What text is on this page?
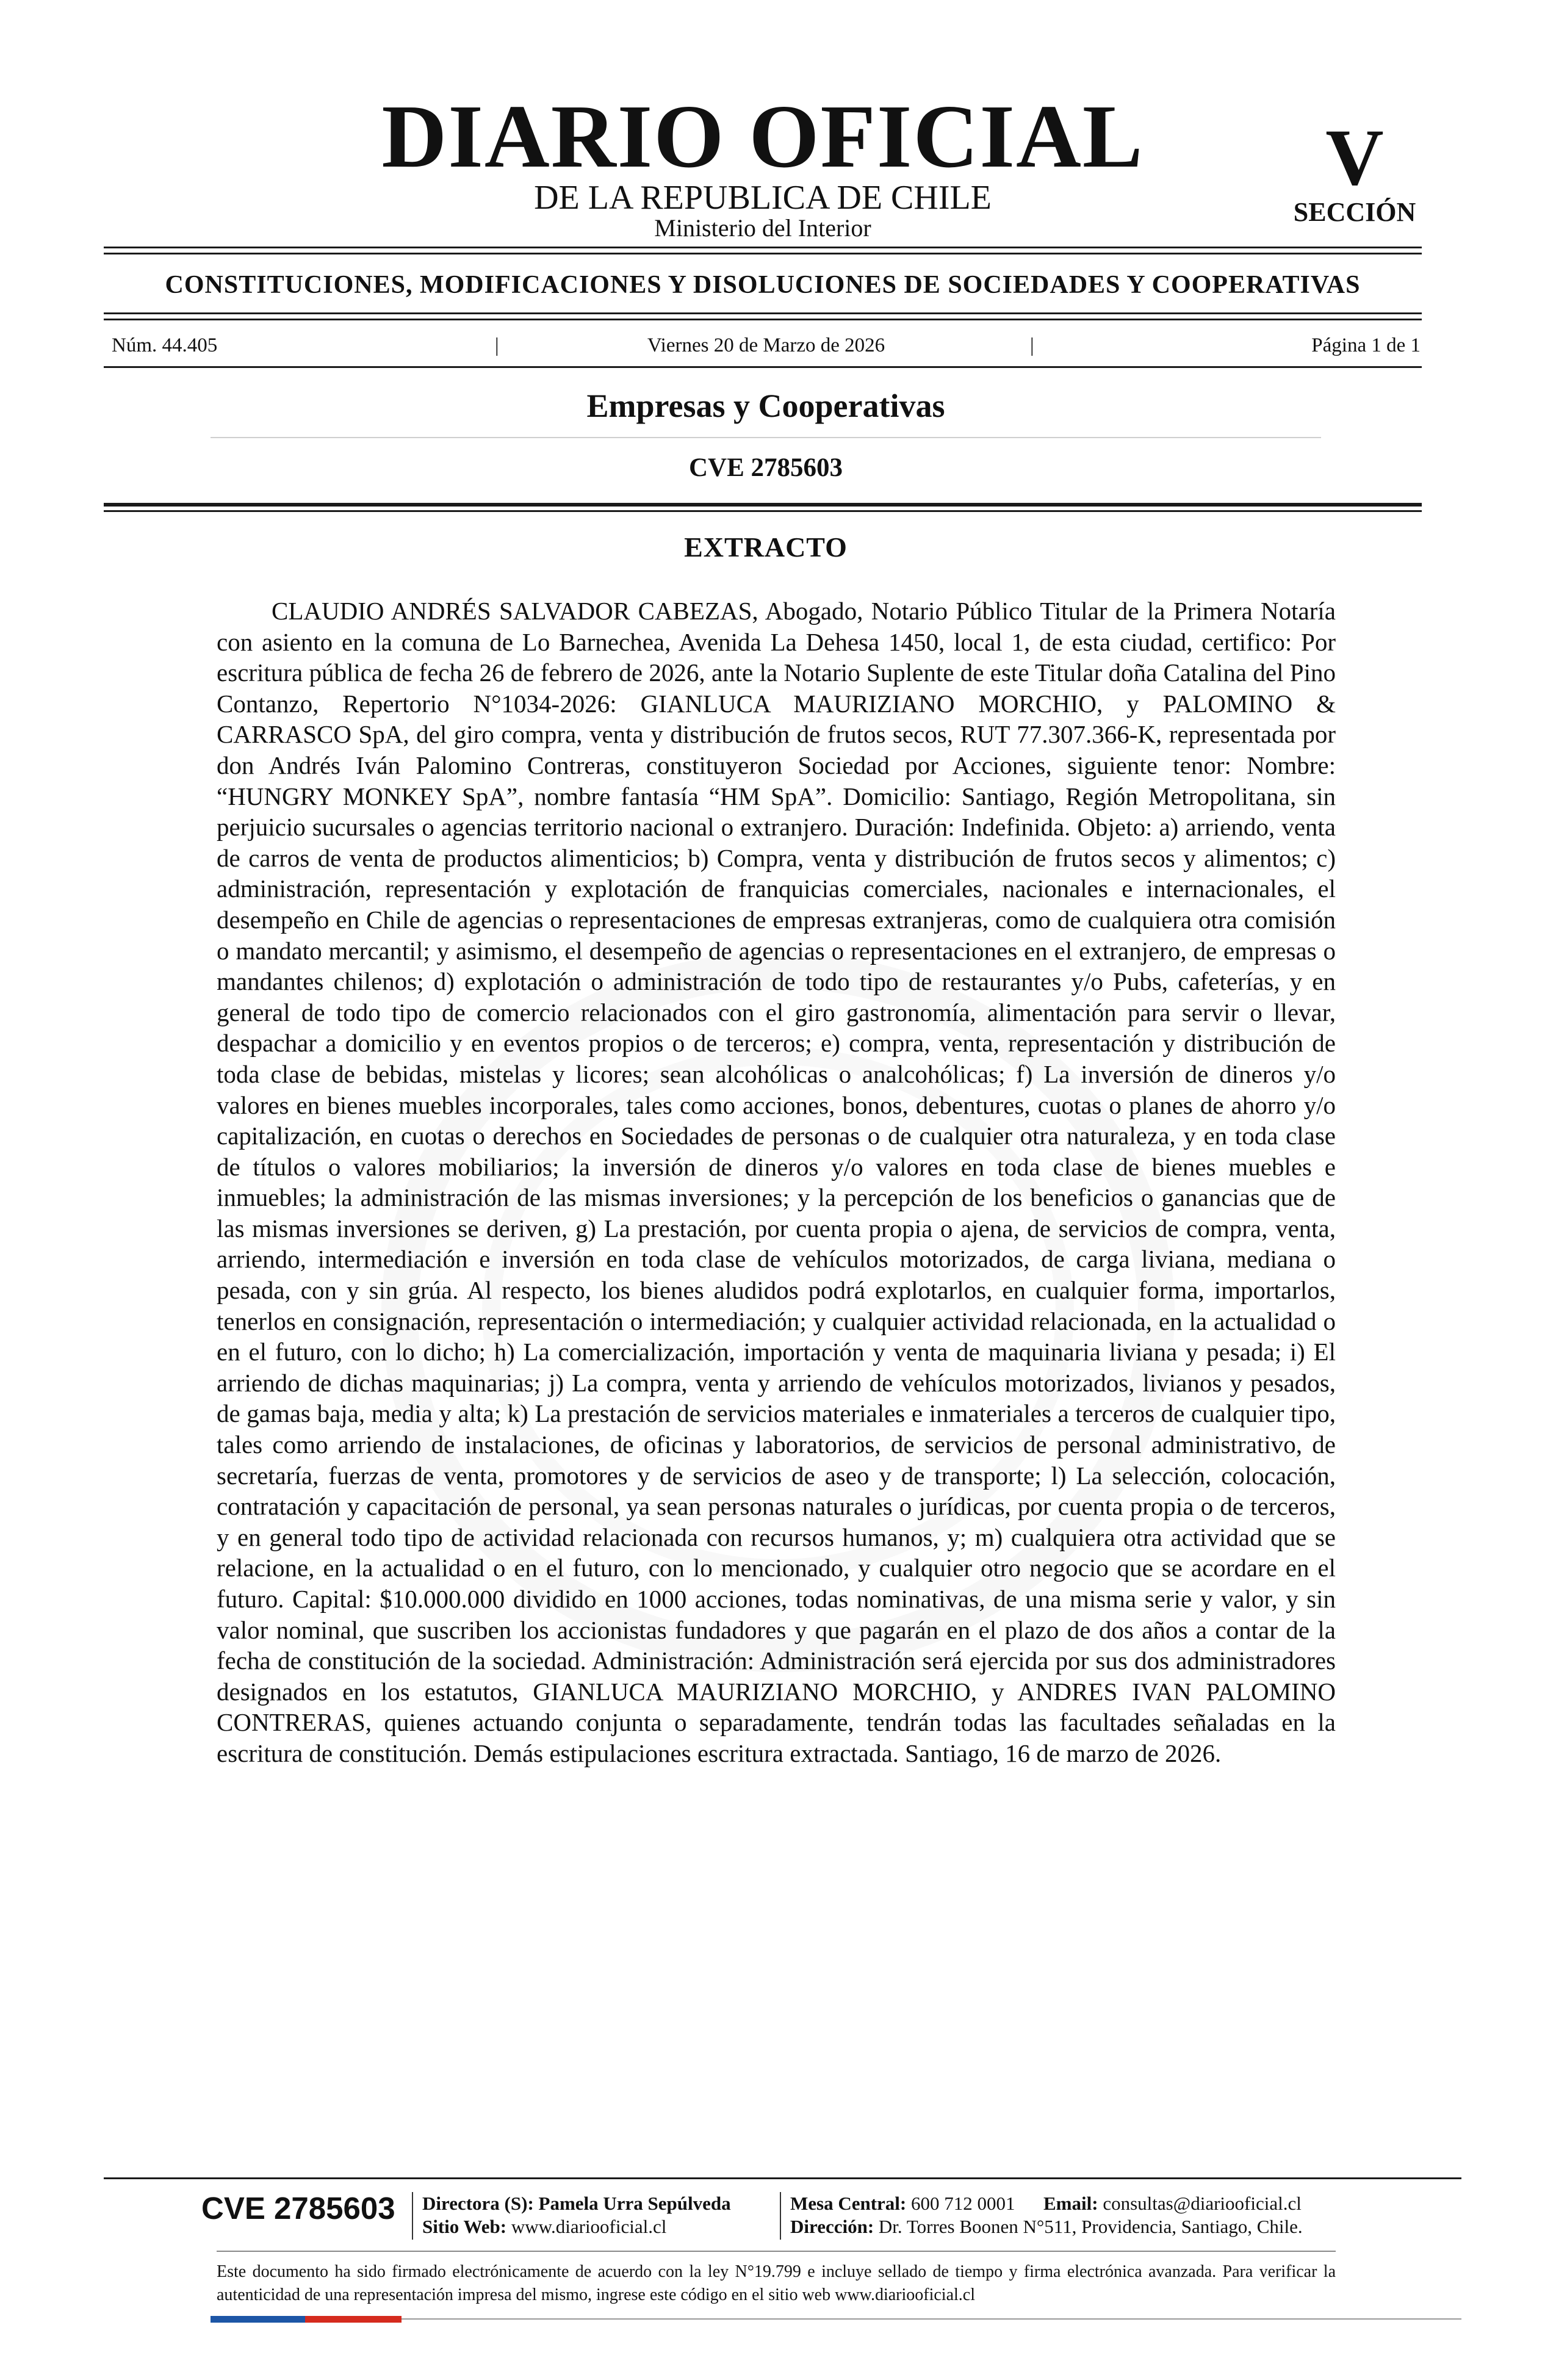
DIARIO OFICIAL
DE LA REPUBLICA DE CHILE
Ministerio del Interior
V
SECCIÓN
CONSTITUCIONES, MODIFICACIONES Y DISOLUCIONES DE SOCIEDADES Y COOPERATIVAS
Núm. 44.405	|	Viernes 20 de Marzo de 2026	|	Página 1 de 1
Empresas y Cooperativas
CVE 2785603
EXTRACTO
CLAUDIO ANDRÉS SALVADOR CABEZAS, Abogado, Notario Público Titular de la Primera Notaría con asiento en la comuna de Lo Barnechea, Avenida La Dehesa 1450, local 1, de esta ciudad, certifico: Por escritura pública de fecha 26 de febrero de 2026, ante la Notario Suplente de este Titular doña Catalina del Pino Contanzo, Repertorio N°1034-2026: GIANLUCA MAURIZIANO MORCHIO, y PALOMINO & CARRASCO SpA, del giro compra, venta y distribución de frutos secos, RUT 77.307.366-K, representada por don Andrés Iván Palomino Contreras, constituyeron Sociedad por Acciones, siguiente tenor: Nombre: “HUNGRY MONKEY SpA”, nombre fantasía “HM SpA”. Domicilio: Santiago, Región Metropolitana, sin perjuicio sucursales o agencias territorio nacional o extranjero. Duración: Indefinida. Objeto: a) arriendo, venta de carros de venta de productos alimenticios; b) Compra, venta y distribución de frutos secos y alimentos; c) administración, representación y explotación de franquicias comerciales, nacionales e internacionales, el desempeño en Chile de agencias o representaciones de empresas extranjeras, como de cualquiera otra comisión o mandato mercantil; y asimismo, el desempeño de agencias o representaciones en el extranjero, de empresas o mandantes chilenos; d) explotación o administración de todo tipo de restaurantes y/o Pubs, cafeterías, y en general de todo tipo de comercio relacionados con el giro gastronomía, alimentación para servir o llevar, despachar a domicilio y en eventos propios o de terceros; e) compra, venta, representación y distribución de toda clase de bebidas, mistelas y licores; sean alcohólicas o analcohólicas; f) La inversión de dineros y/o valores en bienes muebles incorporales, tales como acciones, bonos, debentures, cuotas o planes de ahorro y/o capitalización, en cuotas o derechos en Sociedades de personas o de cualquier otra naturaleza, y en toda clase de títulos o valores mobiliarios; la inversión de dineros y/o valores en toda clase de bienes muebles e inmuebles; la administración de las mismas inversiones; y la percepción de los beneficios o ganancias que de las mismas inversiones se deriven, g) La prestación, por cuenta propia o ajena, de servicios de compra, venta, arriendo, intermediación e inversión en toda clase de vehículos motorizados, de carga liviana, mediana o pesada, con y sin grúa. Al respecto, los bienes aludidos podrá explotarlos, en cualquier forma, importarlos, tenerlos en consignación, representación o intermediación; y cualquier actividad relacionada, en la actualidad o en el futuro, con lo dicho; h) La comercialización, importación y venta de maquinaria liviana y pesada; i) El arriendo de dichas maquinarias; j) La compra, venta y arriendo de vehículos motorizados, livianos y pesados, de gamas baja, media y alta; k) La prestación de servicios materiales e inmateriales a terceros de cualquier tipo, tales como arriendo de instalaciones, de oficinas y laboratorios, de servicios de personal administrativo, de secretaría, fuerzas de venta, promotores y de servicios de aseo y de transporte; l) La selección, colocación, contratación y capacitación de personal, ya sean personas naturales o jurídicas, por cuenta propia o de terceros, y en general todo tipo de actividad relacionada con recursos humanos, y; m) cualquiera otra actividad que se relacione, en la actualidad o en el futuro, con lo mencionado, y cualquier otro negocio que se acordare en el futuro. Capital: $10.000.000 dividido en 1000 acciones, todas nominativas, de una misma serie y valor, y sin valor nominal, que suscriben los accionistas fundadores y que pagarán en el plazo de dos años a contar de la fecha de constitución de la sociedad. Administración: Administración será ejercida por sus dos administradores designados en los estatutos, GIANLUCA MAURIZIANO MORCHIO, y ANDRES IVAN PALOMINO CONTRERAS, quienes actuando conjunta o separadamente, tendrán todas las facultades señaladas en la escritura de constitución. Demás estipulaciones escritura extractada. Santiago, 16 de marzo de 2026.
CVE 2785603	Directora (S): Pamela Urra Sepúlveda
Sitio Web: www.diariooficial.cl
Mesa Central: 600 712 0001 Email: consultas@diariooficial.cl
Dirección: Dr. Torres Boonen N°511, Providencia, Santiago, Chile.
Este documento ha sido firmado electrónicamente de acuerdo con la ley N°19.799 e incluye sellado de tiempo y firma electrónica avanzada. Para verificar la autenticidad de una representación impresa del mismo, ingrese este código en el sitio web www.diariooficial.cl
